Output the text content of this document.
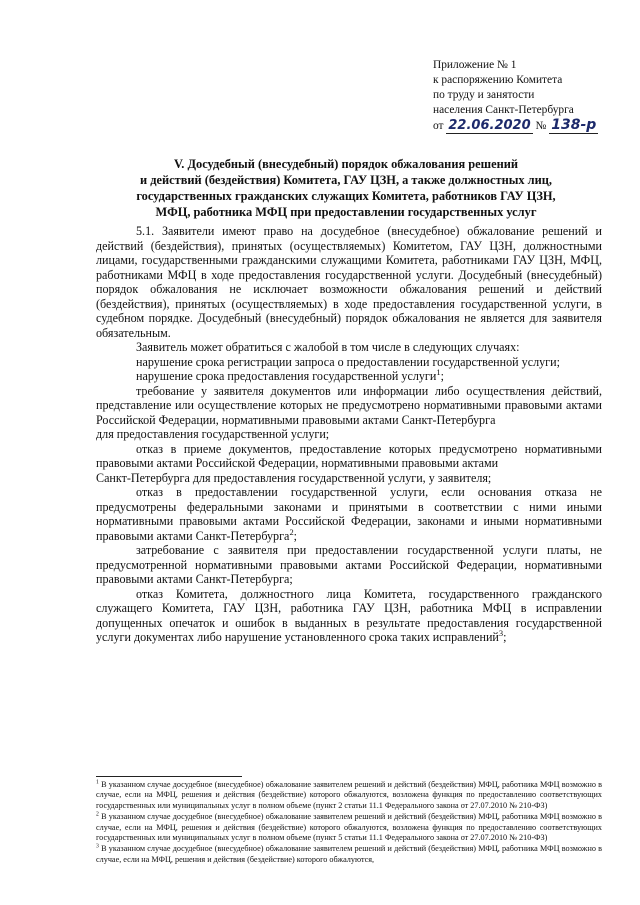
Приложение № 1
к распоряжению Комитета
по труду и занятости
населения Санкт-Петербурга
от 22.06.2020 № 138-р
V. Досудебный (внесудебный) порядок обжалования решений
и действий (бездействия) Комитета, ГАУ ЦЗН, а также должностных лиц,
государственных гражданских служащих Комитета, работников ГАУ ЦЗН,
МФЦ, работника МФЦ при предоставлении государственных услуг

5.1. Заявители имеют право на досудебное (внесудебное) обжалование решений и действий (бездействия), принятых (осуществляемых) Комитетом, ГАУ ЦЗН, должностными лицами, государственными гражданскими служащими Комитета, работниками ГАУ ЦЗН, МФЦ, работниками МФЦ в ходе предоставления государственной услуги. Досудебный (внесудебный) порядок обжалования не исключает возможности обжалования решений и действий (бездействия), принятых (осуществляемых) в ходе предоставления государственной услуги, в судебном порядке. Досудебный (внесудебный) порядок обжалования не является для заявителя обязательным.

Заявитель может обратиться с жалобой в том числе в следующих случаях:

нарушение срока регистрации запроса о предоставлении государственной услуги;

нарушение срока предоставления государственной услуги$^1$;

требование у заявителя документов или информации либо осуществления действий, представление или осуществление которых не предусмотрено нормативными правовыми актами Российской Федерации, нормативными правовыми актами Санкт-Петербурга

для предоставления государственной услуги;

отказ в приеме документов, предоставление которых предусмотрено нормативными правовыми актами Российской Федерации, нормативными правовыми актами

Санкт-Петербурга для предоставления государственной услуги, у заявителя;

отказ в предоставлении государственной услуги, если основания отказа не предусмотрены федеральными законами и принятыми в соответствии с ними иными нормативными правовыми актами Российской Федерации, законами и иными нормативными правовыми актами Санкт-Петербурга$^2$;

затребование с заявителя при предоставлении государственной услуги платы, не предусмотренной нормативными правовыми актами Российской Федерации, нормативными правовыми актами Санкт-Петербурга;

отказ Комитета, должностного лица Комитета, государственного гражданского служащего Комитета, ГАУ ЦЗН, работника ГАУ ЦЗН, работника МФЦ в исправлении допущенных опечаток и ошибок в выданных в результате предоставления государственной услуги документах либо нарушение установленного срока таких исправлений$^3$;

$^1$ В указанном случае досудебное (внесудебное) обжалование заявителем решений и действий (бездействия) МФЦ, работника МФЦ возможно в случае, если на МФЦ, решения и действия (бездействие) которого обжалуются, возложена функция по предоставлению соответствующих государственных или муниципальных услуг в полном объеме (пункт 2 статьи 11.1 Федерального закона от 27.07.2010 № 210-ФЗ)

$^2$ В указанном случае досудебное (внесудебное) обжалование заявителем решений и действий (бездействия) МФЦ, работника МФЦ возможно в случае, если на МФЦ, решения и действия (бездействие) которого обжалуются, возложена функция по предоставлению соответствующих государственных или муниципальных услуг в полном объеме (пункт 5 статьи 11.1 Федерального закона от 27.07.2010 № 210-ФЗ)

$^3$ В указанном случае досудебное (внесудебное) обжалование заявителем решений и действий (бездействия) МФЦ, работника МФЦ возможно в случае, если на МФЦ, решения и действия (бездействие) которого обжалуются,
